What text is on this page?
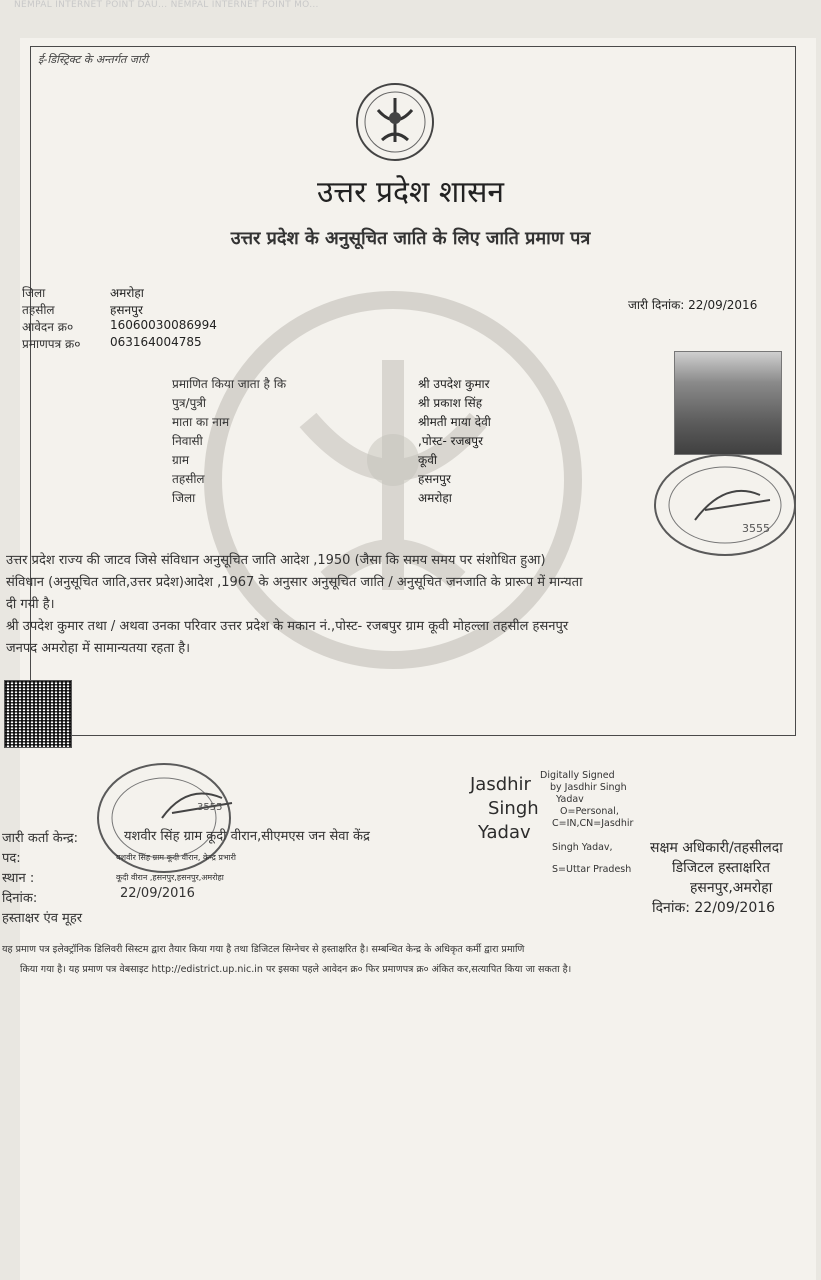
NEMPAL INTERNET POINT DAU... NEMPAL INTERNET POINT MO...
ई-डिस्ट्रिक्ट के अन्तर्गत जारी
उत्तर प्रदेश शासन
उत्तर प्रदेश के अनुसूचित जाति के लिए जाति प्रमाण पत्र
जिला	अमरोहा
तहसील	हसनपुर
आवेदन क्र०	16060030086994
प्रमाणपत्र क्र० 063164004785
जारी दिनांक: 22/09/2016
प्रमाणित किया जाता है कि	श्री उपदेश कुमार
पुत्र/पुत्री	श्री प्रकाश सिंह
माता का नाम	श्रीमती माया देवी
निवासी	,पोस्ट- रजबपुर
ग्राम	कूवी
तहसील	हसनपुर
जिला	अमरोहा
3555
उत्तर प्रदेश राज्य की जाटव जिसे संविधान अनुसूचित जाति आदेश ,1950 (जैसा कि समय समय पर संशोधित हुआ)
संविधान (अनुसूचित जाति,उत्तर प्रदेश)आदेश ,1967 के अनुसार अनुसूचित जाति / अनुसूचित जनजाति के प्रारूप में मान्यता
दी गयी है।
श्री उपदेश कुमार तथा / अथवा उनका परिवार उत्तर प्रदेश के मकान नं.,पोस्ट- रजबपुर ग्राम कूवी मोहल्ला तहसील हसनपुर
जनपद अमरोहा में सामान्यतया रहता है।
3555
जारी कर्ता केन्द्र:	यशवीर सिंह ग्राम कूदी वीरान,सीएमएस जन सेवा केंद्र
पद:	यशवीर सिंह ग्राम कूदी वीरान, केन्द्र प्रभारी
स्थान :	कूदी वीरान ,हसनपुर,हसनपुर,अमरोहा
दिनांक:	22/09/2016
हस्ताक्षर एंव मूहर
Jasdhir
Singh
Yadav
Digitally Signed
by Jasdhir Singh
Yadav
O=Personal,
C=IN,CN=Jasdhir
Singh Yadav,
S=Uttar Pradesh
सक्षम अधिकारी/तहसीलदा
डिजिटल हस्ताक्षरित
हसनपुर,अमरोहा
दिनांक: 22/09/2016
यह प्रमाण पत्र इलेक्ट्रॉनिक डिलिवरी सिस्टम द्वारा तैयार किया गया है तथा डिजिटल सिग्नेचर से हस्ताक्षरित है। सम्बन्धित केन्द्र के अधिकृत कर्मी द्वारा प्रमाणि
किया गया है। यह प्रमाण पत्र वेबसाइट http://edistrict.up.nic.in पर इसका पहले आवेदन क्र० फिर प्रमाणपत्र क्र० अंकित कर,सत्यापित किया जा सकता है।
